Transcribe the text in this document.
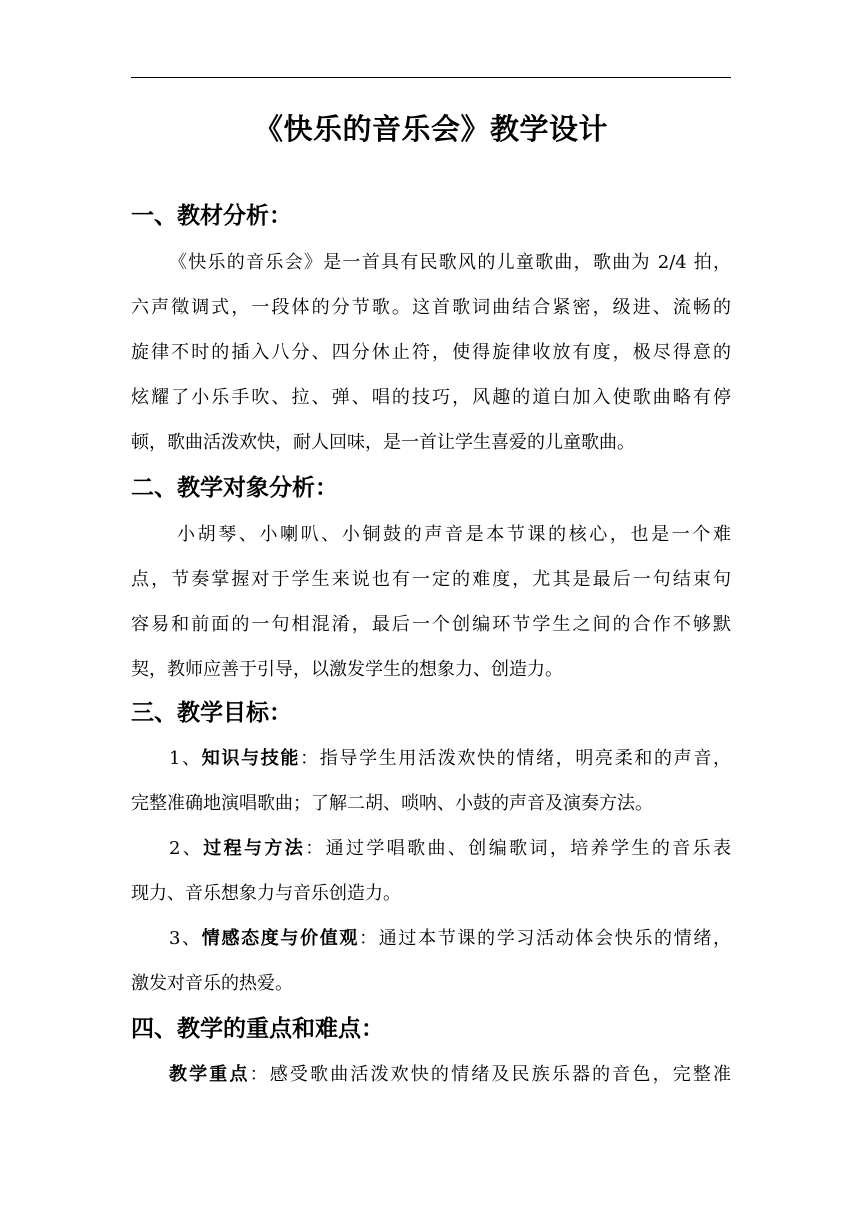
《快乐的音乐会》教学设计
一、教材分析：
《快乐的音乐会》是一首具有民歌风的儿童歌曲，歌曲为 2/4 拍，
六声徵调式，一段体的分节歌。这首歌词曲结合紧密，级进、流畅的
旋律不时的插入八分、四分休止符，使得旋律收放有度，极尽得意的
炫耀了小乐手吹、拉、弹、唱的技巧，风趣的道白加入使歌曲略有停
顿，歌曲活泼欢快，耐人回味，是一首让学生喜爱的儿童歌曲。
二、教学对象分析：
小胡琴、小喇叭、小铜鼓的声音是本节课的核心，也是一个难
点，节奏掌握对于学生来说也有一定的难度，尤其是最后一句结束句
容易和前面的一句相混淆，最后一个创编环节学生之间的合作不够默
契，教师应善于引导，以激发学生的想象力、创造力。
三、教学目标：
1、知识与技能：指导学生用活泼欢快的情绪，明亮柔和的声音，
完整准确地演唱歌曲；了解二胡、唢呐、小鼓的声音及演奏方法。
2、过程与方法：通过学唱歌曲、创编歌词，培养学生的音乐表
现力、音乐想象力与音乐创造力。
3、情感态度与价值观：通过本节课的学习活动体会快乐的情绪，
激发对音乐的热爱。
四、教学的重点和难点：
教学重点：感受歌曲活泼欢快的情绪及民族乐器的音色，完整准
